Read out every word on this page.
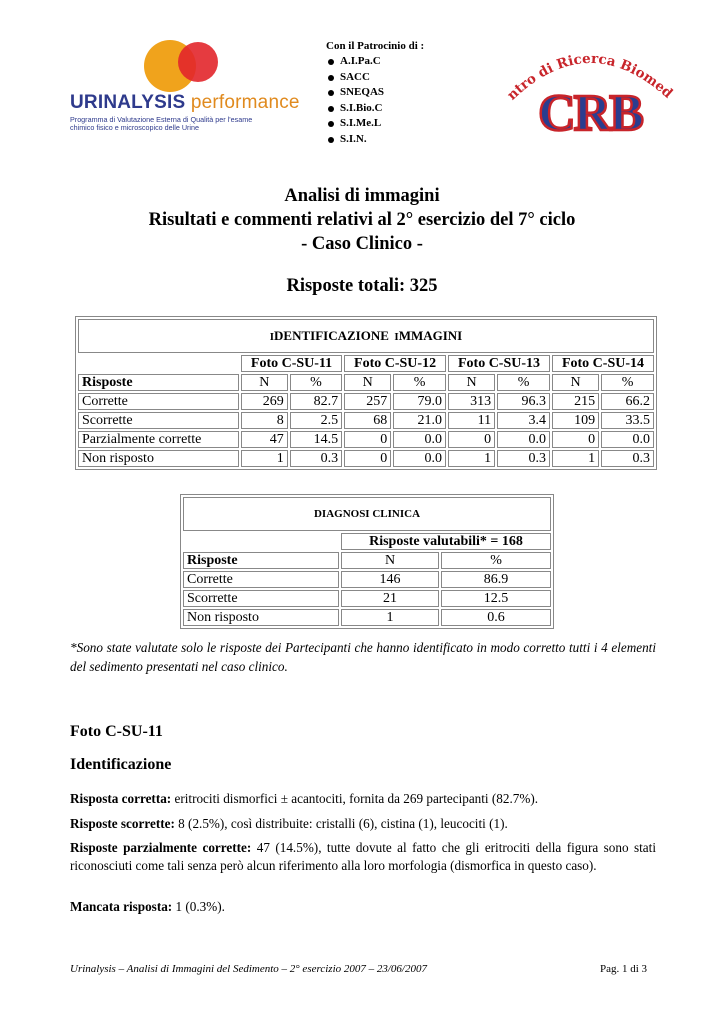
URINALYSIS performance
Programma di Valutazione Esterna di Qualità per l'esame chimico fisico e microscopico delle Urine
Con il Patrocinio di :
A.I.Pa.C
SACC
SNEQAS
S.I.Bio.C
S.I.Me.L
S.I.N.
ntro di Ricerca Biomed
CRB
Analisi di immagini
Risultati e commenti relativi al 2° esercizio del 7° ciclo
- Caso Clinico -
Risposte totali: 325
IDENTIFICAZIONE IMMAGINI								
	Foto C-SU-11		Foto C-SU-12		Foto C-SU-13		Foto C-SU-14	
Risposte	N	%	N	%	N	%	N	%
Corrette	269	82.7	257	79.0	313	96.3	215	66.2
Scorrette	8	2.5	68	21.0	11	3.4	109	33.5
Parzialmente corrette	47	14.5	0	0.0	0	0.0	0	0.0
Non risposto	1	0.3	0	0.0	1	0.3	1	0.3
DIAGNOSI CLINICA		
	Risposte valutabili* = 168	
Risposte	N	%
Corrette	146	86.9
Scorrette	21	12.5
Non risposto	1	0.6
*Sono state valutate solo le risposte dei Partecipanti che hanno identificato in modo corretto tutti i 4 elementi del sedimento presentati nel caso clinico.
Foto C-SU-11
Identificazione
Risposta corretta: eritrociti dismorfici ± acantociti, fornita da 269 partecipanti (82.7%).
Risposte scorrette: 8 (2.5%), così distribuite: cristalli (6), cistina (1), leucociti (1).
Risposte parzialmente corrette: 47 (14.5%), tutte dovute al fatto che gli eritrociti della figura sono stati riconosciuti come tali senza però alcun riferimento alla loro morfologia (dismorfica in questo caso).
Mancata risposta: 1 (0.3%).
Urinalysis – Analisi di Immagini del Sedimento – 2° esercizio 2007 – 23/06/2007	Pag. 1 di 3
